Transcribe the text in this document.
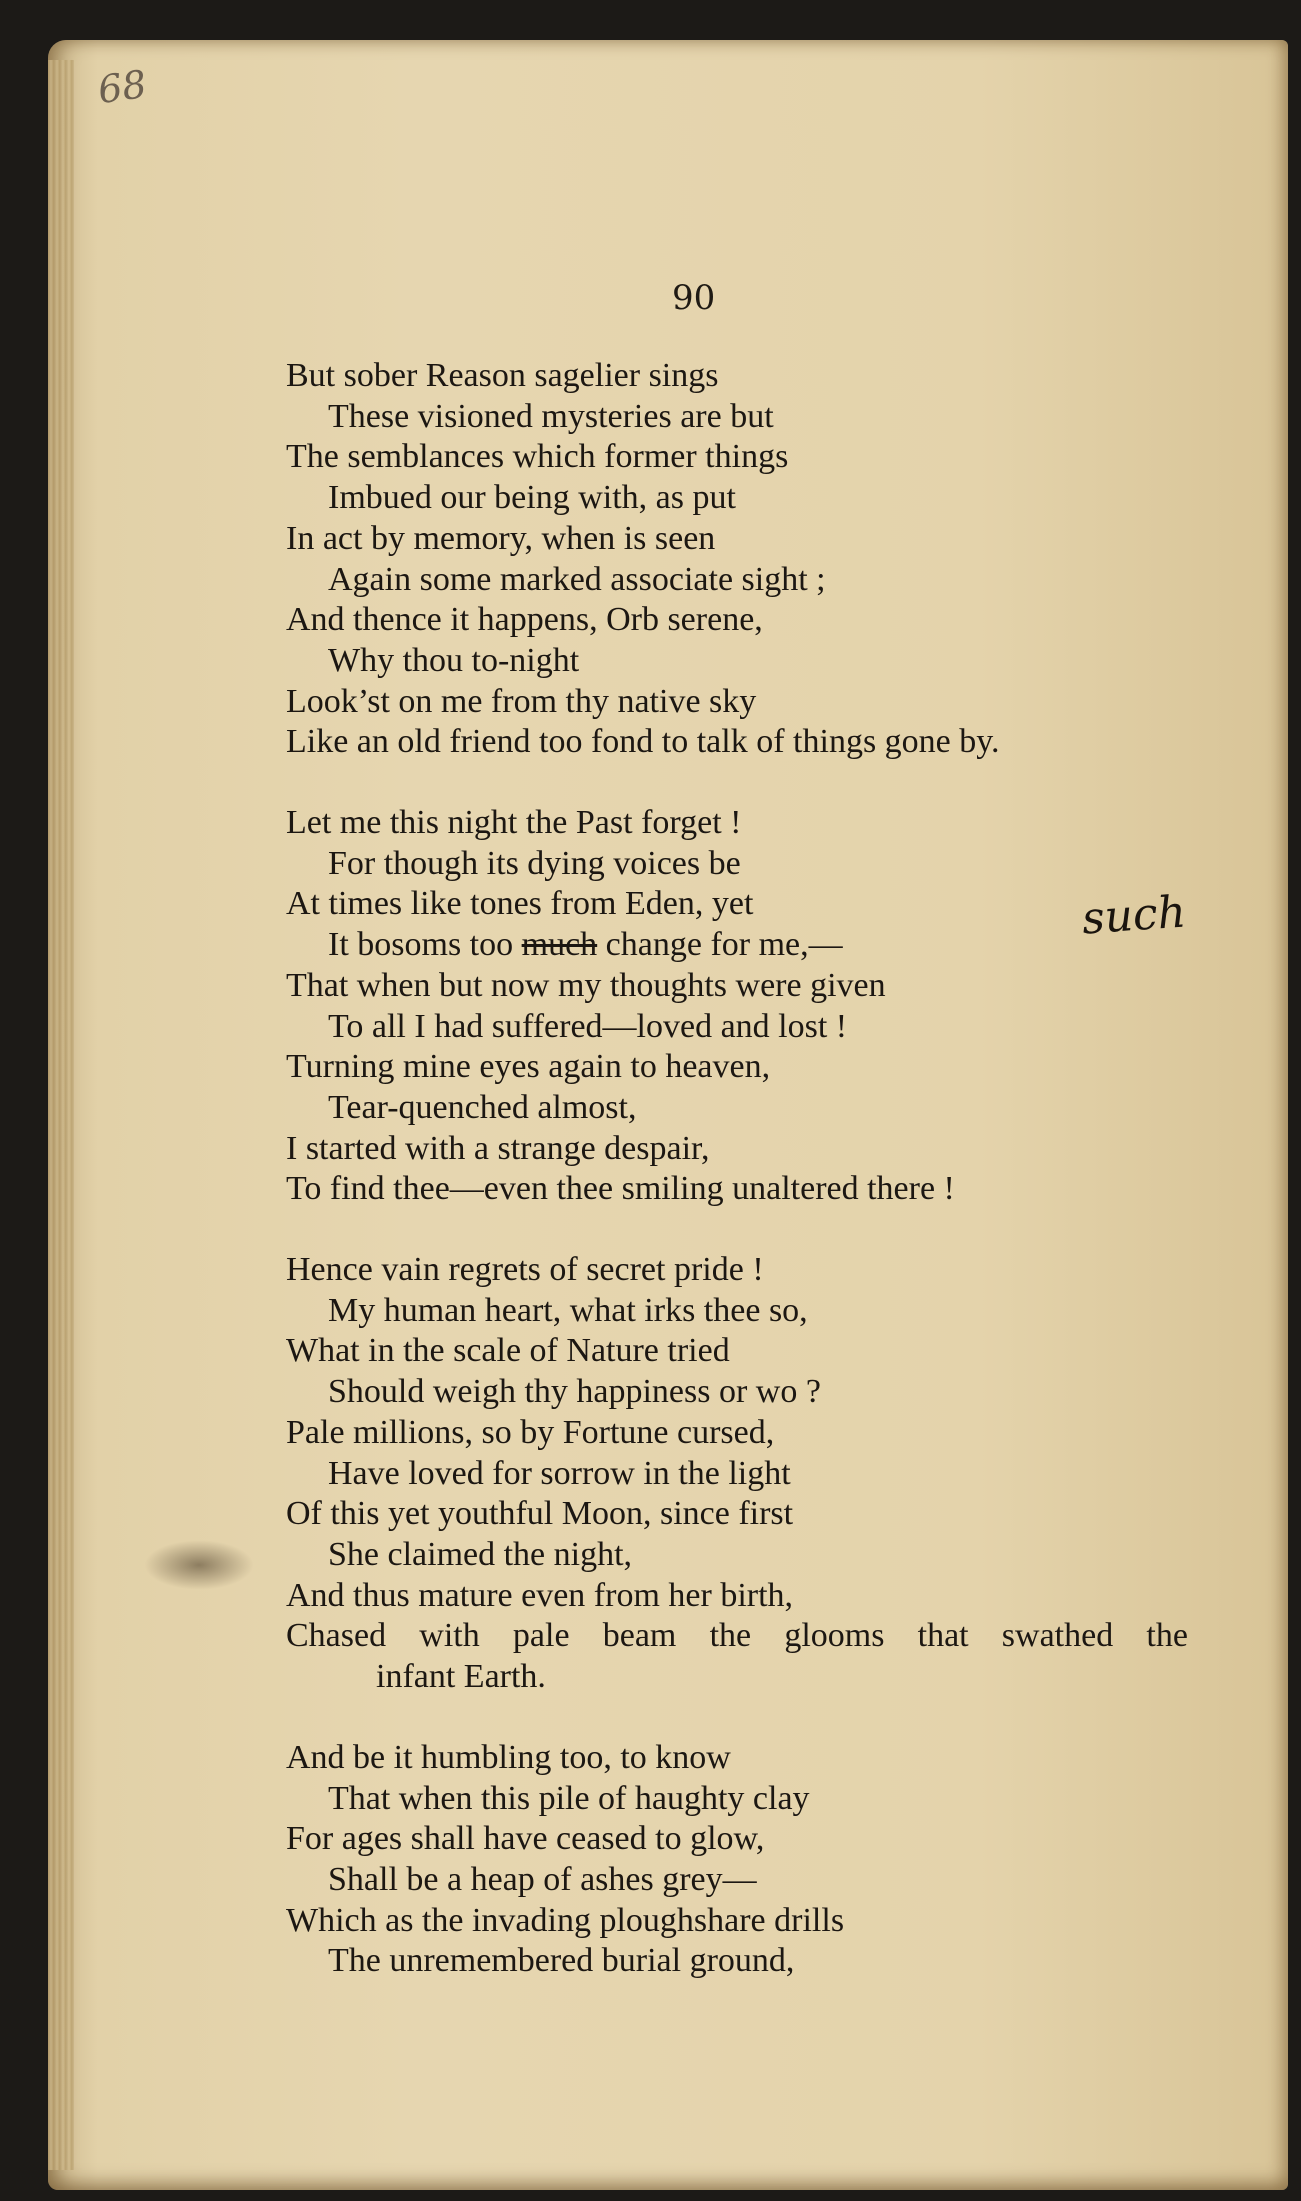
68
90
But sober Reason sagelier sings
These visioned mysteries are but
The semblances which former things
Imbued our being with, as put
In act by memory, when is seen
Again some marked associate sight ;
And thence it happens, Orb serene,
Why thou to-night
Look’st on me from thy native sky
Like an old friend too fond to talk of things gone by.
Let me this night the Past forget !
For though its dying voices be
At times like tones from Eden, yet
It bosoms too much change for me,—
That when but now my thoughts were given
To all I had suffered—loved and lost !
Turning mine eyes again to heaven,
Tear-quenched almost,
I started with a strange despair,
To find thee—even thee smiling unaltered there !
Hence vain regrets of secret pride !
My human heart, what irks thee so,
What in the scale of Nature tried
Should weigh thy happiness or wo ?
Pale millions, so by Fortune cursed,
Have loved for sorrow in the light
Of this yet youthful Moon, since first
She claimed the night,
And thus mature even from her birth,
Chased with pale beam the glooms that swathed the
infant Earth.
And be it humbling too, to know
That when this pile of haughty clay
For ages shall have ceased to glow,
Shall be a heap of ashes grey—
Which as the invading ploughshare drills
The unremembered burial ground,
such
